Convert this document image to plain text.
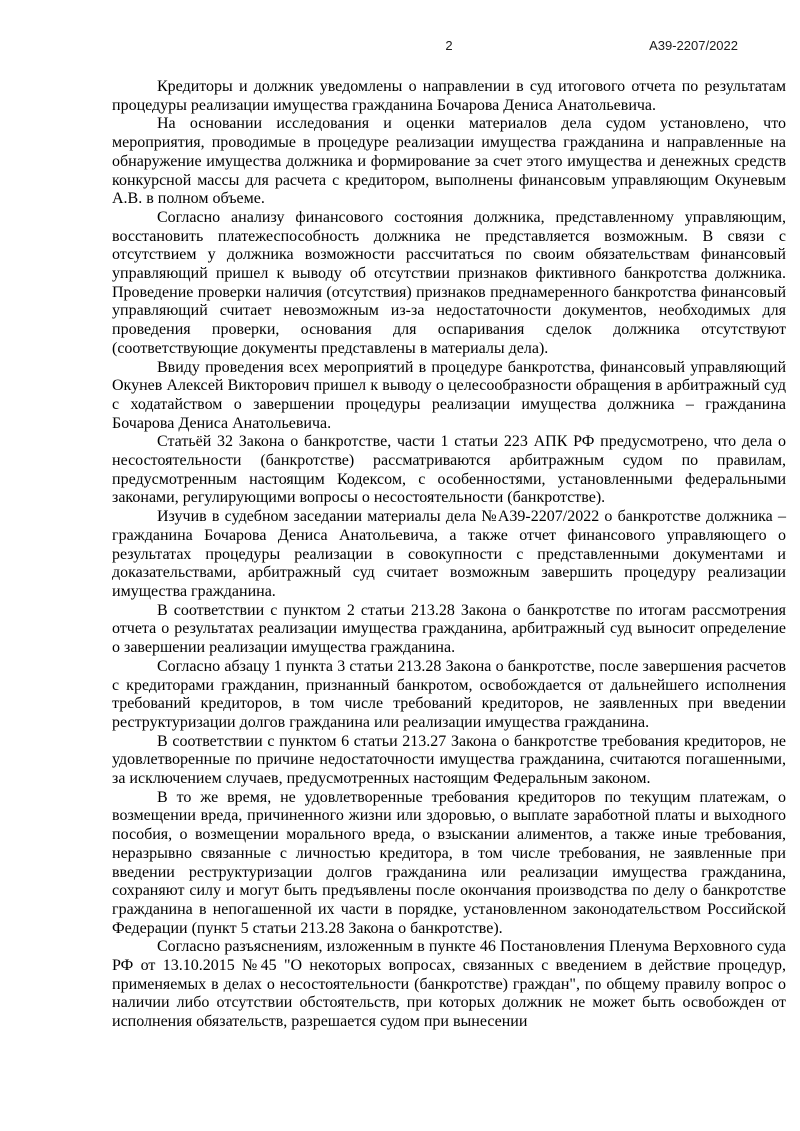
2	А39-2207/2022

Кредиторы и должник уведомлены о направлении в суд итогового отчета по результатам процедуры реализации имущества гражданина Бочарова Дениса Анатольевича.

На основании исследования и оценки материалов дела судом установлено, что мероприятия, проводимые в процедуре реализации имущества гражданина и направленные на обнаружение имущества должника и формирование за счет этого имущества и денежных средств конкурсной массы для расчета с кредитором, выполнены финансовым управляющим Окуневым А.В. в полном объеме.

Согласно анализу финансового состояния должника, представленному управляющим, восстановить платежеспособность должника не представляется возможным. В связи с отсутствием у должника возможности рассчитаться по своим обязательствам финансовый управляющий пришел к выводу об отсутствии признаков фиктивного банкротства должника. Проведение проверки наличия (отсутствия) признаков преднамеренного банкротства финансовый управляющий считает невозможным из-за недостаточности документов, необходимых для проведения проверки, основания для оспаривания сделок должника отсутствуют (соответствующие документы представлены в материалы дела).

Ввиду проведения всех мероприятий в процедуре банкротства, финансовый управляющий Окунев Алексей Викторович пришел к выводу о целесообразности обращения в арбитражный суд с ходатайством о завершении процедуры реализации имущества должника – гражданина Бочарова Дениса Анатольевича.

Статьёй 32 Закона о банкротстве, части 1 статьи 223 АПК РФ предусмотрено, что дела о несостоятельности (банкротстве) рассматриваются арбитражным судом по правилам, предусмотренным настоящим Кодексом, с особенностями, установленными федеральными законами, регулирующими вопросы о несостоятельности (банкротстве).

Изучив в судебном заседании материалы дела №А39-2207/2022 о банкротстве должника – гражданина Бочарова Дениса Анатольевича, а также отчет финансового управляющего о результатах процедуры реализации в совокупности с представленными документами и доказательствами, арбитражный суд считает возможным завершить процедуру реализации имущества гражданина.

В соответствии с пунктом 2 статьи 213.28 Закона о банкротстве по итогам рассмотрения отчета о результатах реализации имущества гражданина, арбитражный суд выносит определение о завершении реализации имущества гражданина.

Согласно абзацу 1 пункта 3 статьи 213.28 Закона о банкротстве, после завершения расчетов с кредиторами гражданин, признанный банкротом, освобождается от дальнейшего исполнения требований кредиторов, в том числе требований кредиторов, не заявленных при введении реструктуризации долгов гражданина или реализации имущества гражданина.

В соответствии с пунктом 6 статьи 213.27 Закона о банкротстве требования кредиторов, не удовлетворенные по причине недостаточности имущества гражданина, считаются погашенными, за исключением случаев, предусмотренных настоящим Федеральным законом.

В то же время, не удовлетворенные требования кредиторов по текущим платежам, о возмещении вреда, причиненного жизни или здоровью, о выплате заработной платы и выходного пособия, о возмещении морального вреда, о взыскании алиментов, а также иные требования, неразрывно связанные с личностью кредитора, в том числе требования, не заявленные при введении реструктуризации долгов гражданина или реализации имущества гражданина, сохраняют силу и могут быть предъявлены после окончания производства по делу о банкротстве гражданина в непогашенной их части в порядке, установленном законодательством Российской Федерации (пункт 5 статьи 213.28 Закона о банкротстве).

Согласно разъяснениям, изложенным в пункте 46 Постановления Пленума Верховного суда РФ от 13.10.2015 №45 "О некоторых вопросах, связанных с введением в действие процедур, применяемых в делах о несостоятельности (банкротстве) граждан", по общему правилу вопрос о наличии либо отсутствии обстоятельств, при которых должник не может быть освобожден от исполнения обязательств, разрешается судом при вынесении
